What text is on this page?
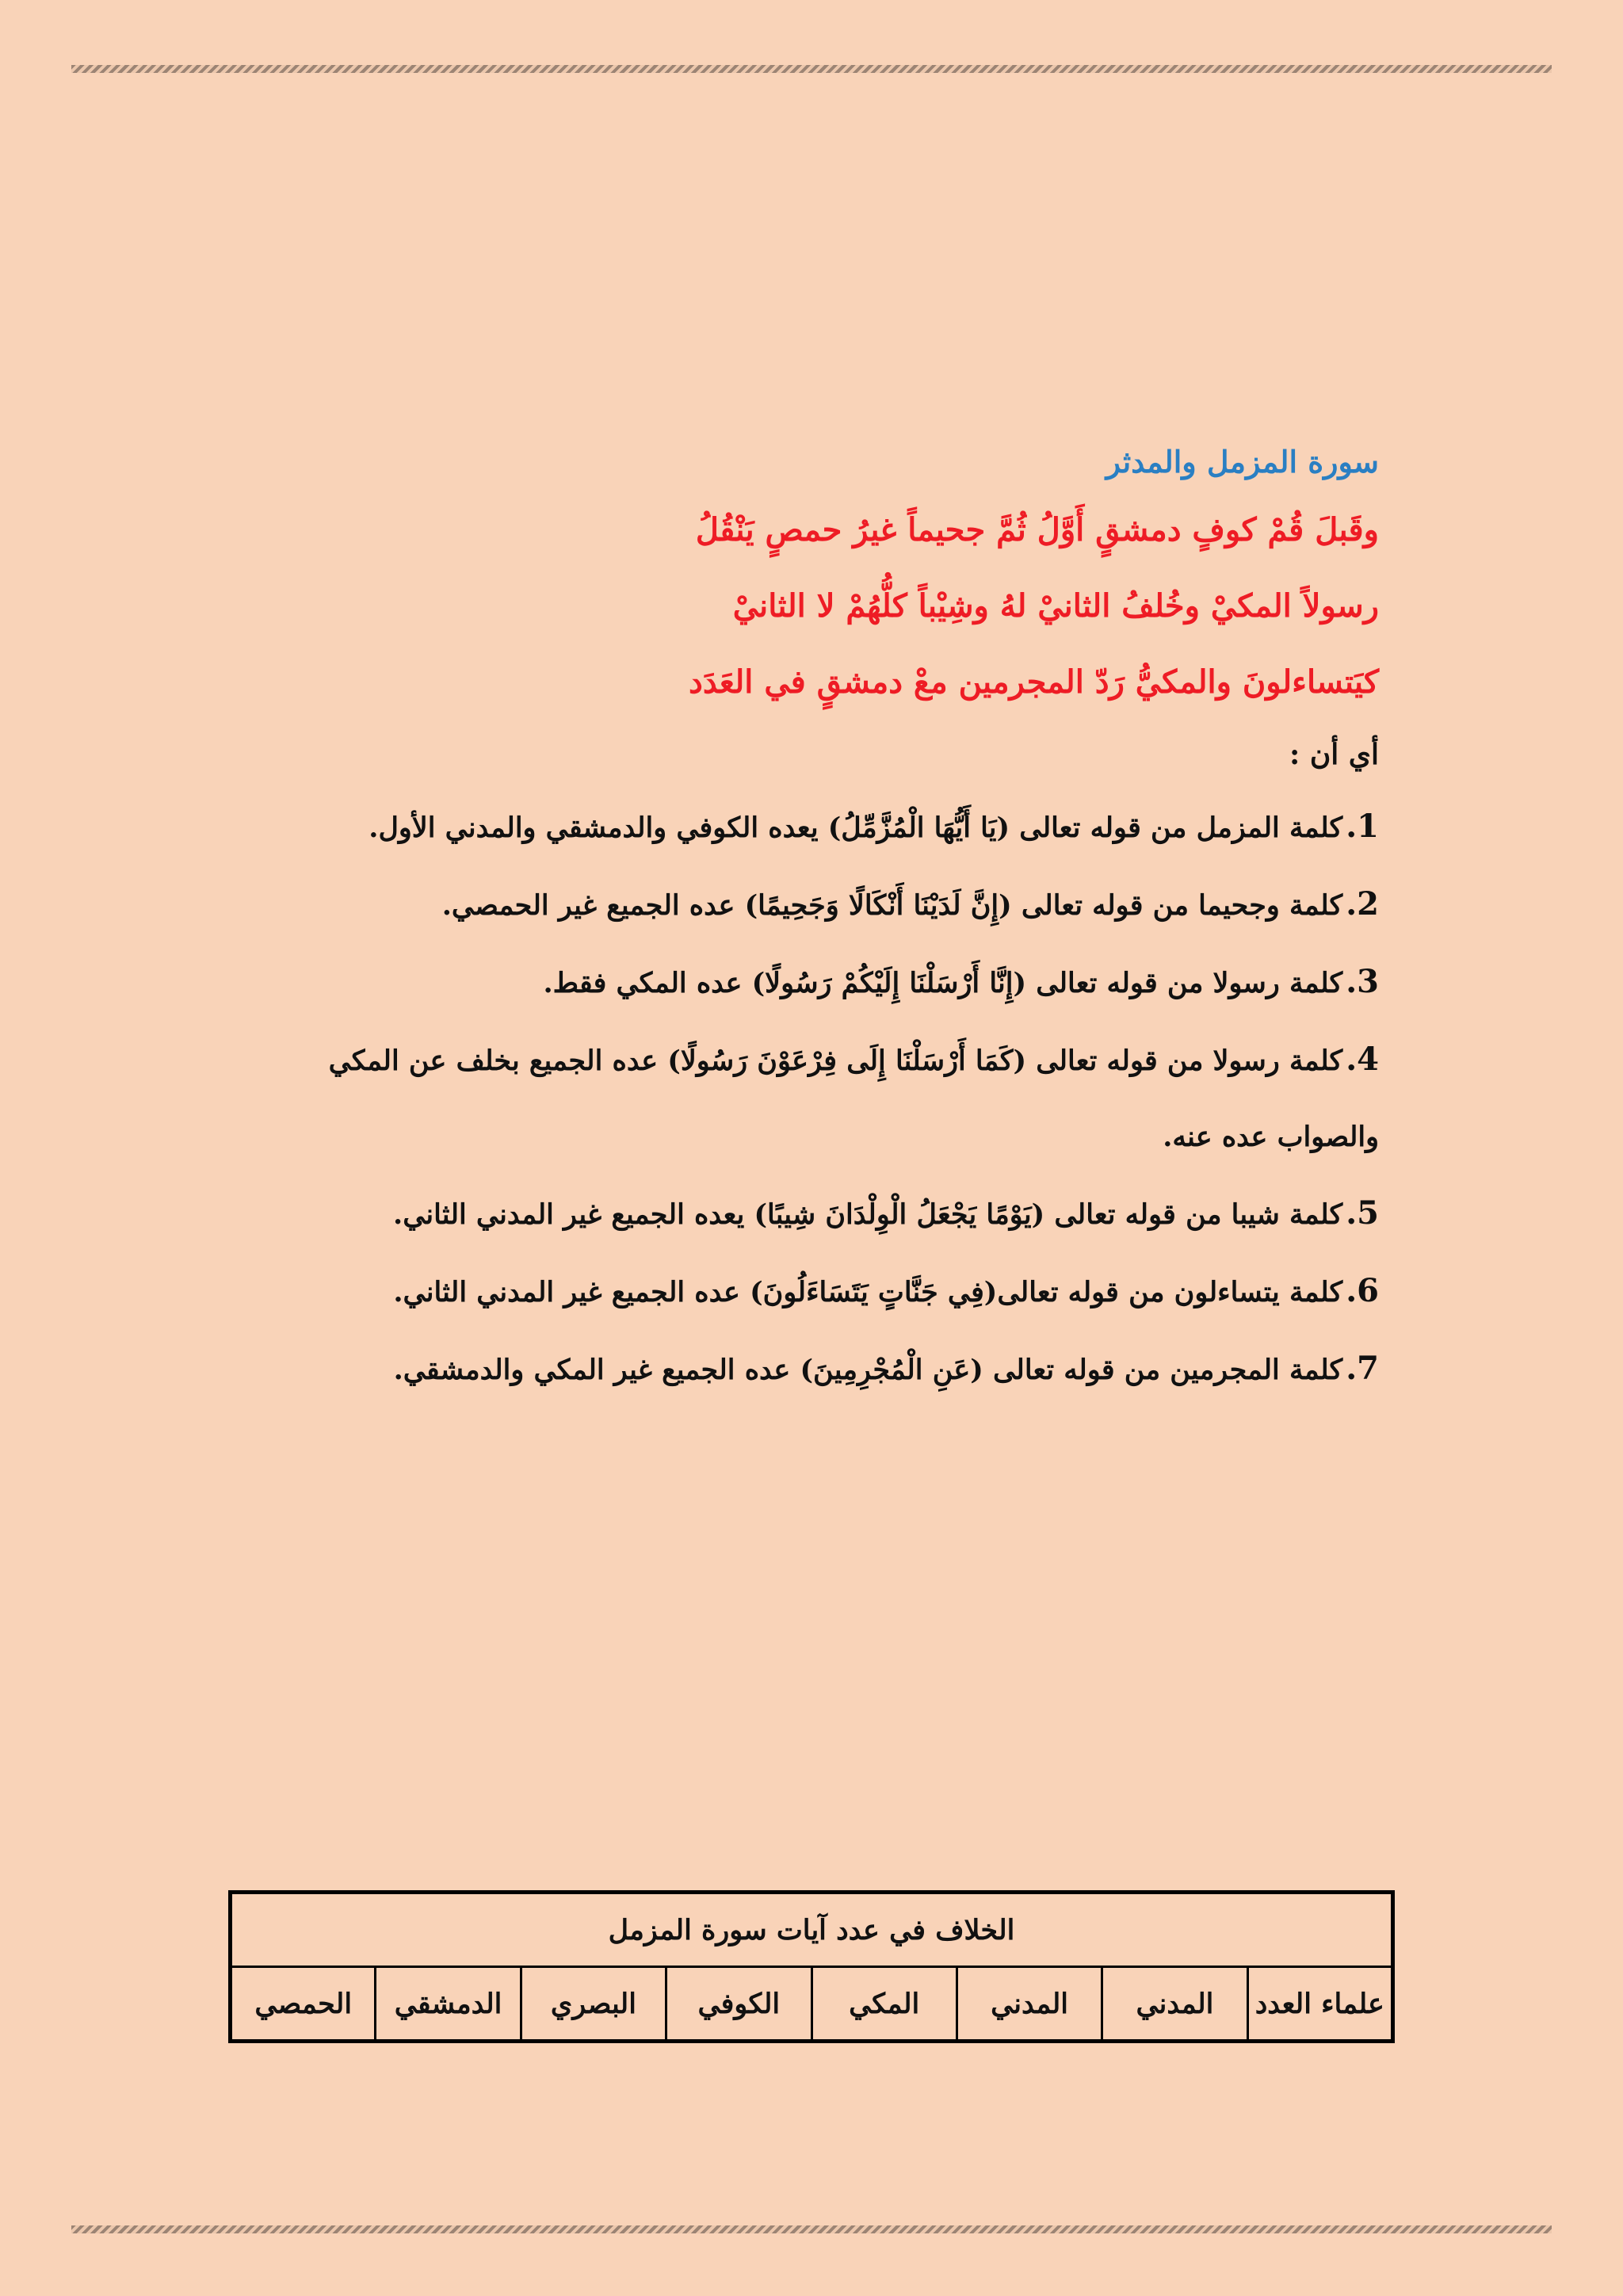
سورة المزمل والمدثر
وقَبلَ قُمْ كوفٍ دمشقٍ أَوَّلُ ثُمَّ جحيماً غيرُ حمصٍ يَنْقُلُ
رسولاً المكيْ وخُلفُ الثانيْ لهُ وشِيْباً كلُّهُمْ لا الثانيْ
كيَتساءلونَ والمكيُّ رَدّ المجرمين معْ دمشقٍ في العَدَد
أي أن :
1.كلمة المزمل من قوله تعالى (يَا أَيُّهَا الْمُزَّمِّلُ) يعده الكوفي والدمشقي والمدني الأول.
2.كلمة وجحيما من قوله تعالى (إِنَّ لَدَيْنَا أَنْكَالًا وَجَحِيمًا) عده الجميع غير الحمصي.
3.كلمة رسولا من قوله تعالى (إِنَّا أَرْسَلْنَا إِلَيْكُمْ رَسُولًا) عده المكي فقط.
4.كلمة رسولا من قوله تعالى (كَمَا أَرْسَلْنَا إِلَى فِرْعَوْنَ رَسُولًا) عده الجميع بخلف عن المكي والصواب عده عنه.
5.كلمة شيبا من قوله تعالى (يَوْمًا يَجْعَلُ الْوِلْدَانَ شِيبًا) يعده الجميع غير المدني الثاني.
6.كلمة يتساءلون من قوله تعالى(فِي جَنَّاتٍ يَتَسَاءَلُونَ) عده الجميع غير المدني الثاني.
7.كلمة المجرمين من قوله تعالى (عَنِ الْمُجْرِمِينَ) عده الجميع غير المكي والدمشقي.
الخلاف في عدد آيات سورة المزمل
علماء العدد	المدني	المدني	المكي	الكوفي	البصري	الدمشقي	الحمصي
